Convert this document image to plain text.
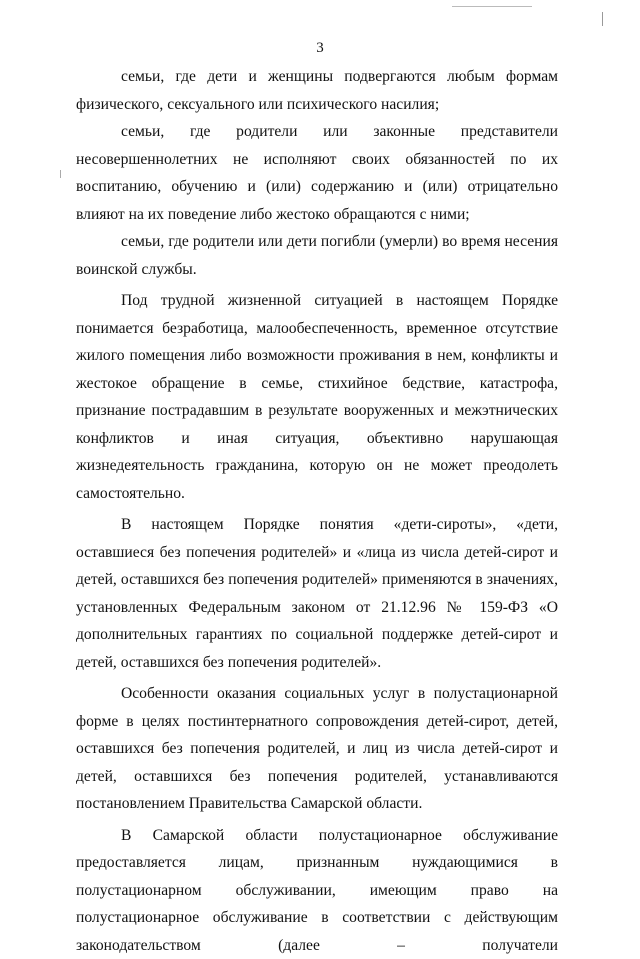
3

семьи, где дети и женщины подвергаются любым формам физического, сексуального или психического насилия;

семьи, где родители или законные представители несовершеннолетних не исполняют своих обязанностей по их воспитанию, обучению и (или) содержанию и (или) отрицательно влияют на их поведение либо жестоко обращаются с ними;

семьи, где родители или дети погибли (умерли) во время несения воинской службы.

Под трудной жизненной ситуацией в настоящем Порядке понимается безработица, малообеспеченность, временное отсутствие жилого помещения либо возможности проживания в нем, конфликты и жестокое обращение в семье, стихийное бедствие, катастрофа, признание пострадавшим в результате вооруженных и межэтнических конфликтов и иная ситуация, объективно нарушающая жизнедеятельность гражданина, которую он не может преодолеть самостоятельно.

В настоящем Порядке понятия «дети-сироты», «дети, оставшиеся без попечения родителей» и «лица из числа детей-сирот и детей, оставшихся без попечения родителей» применяются в значениях, установленных Федеральным законом от 21.12.96 № 159-ФЗ «О дополнительных гарантиях по социальной поддержке детей-сирот и детей, оставшихся без попечения родителей».

Особенности оказания социальных услуг в полустационарной форме в целях постинтернатного сопровождения детей-сирот, детей, оставшихся без попечения родителей, и лиц из числа детей-сирот и детей, оставшихся без попечения родителей, устанавливаются постановлением Правительства Самарской области.

В Самарской области полустационарное обслуживание предоставляется лицам, признанным нуждающимися в полустационарном обслуживании, имеющим право на полустационарное обслуживание в соответствии с действующим законодательством (далее – получатели
